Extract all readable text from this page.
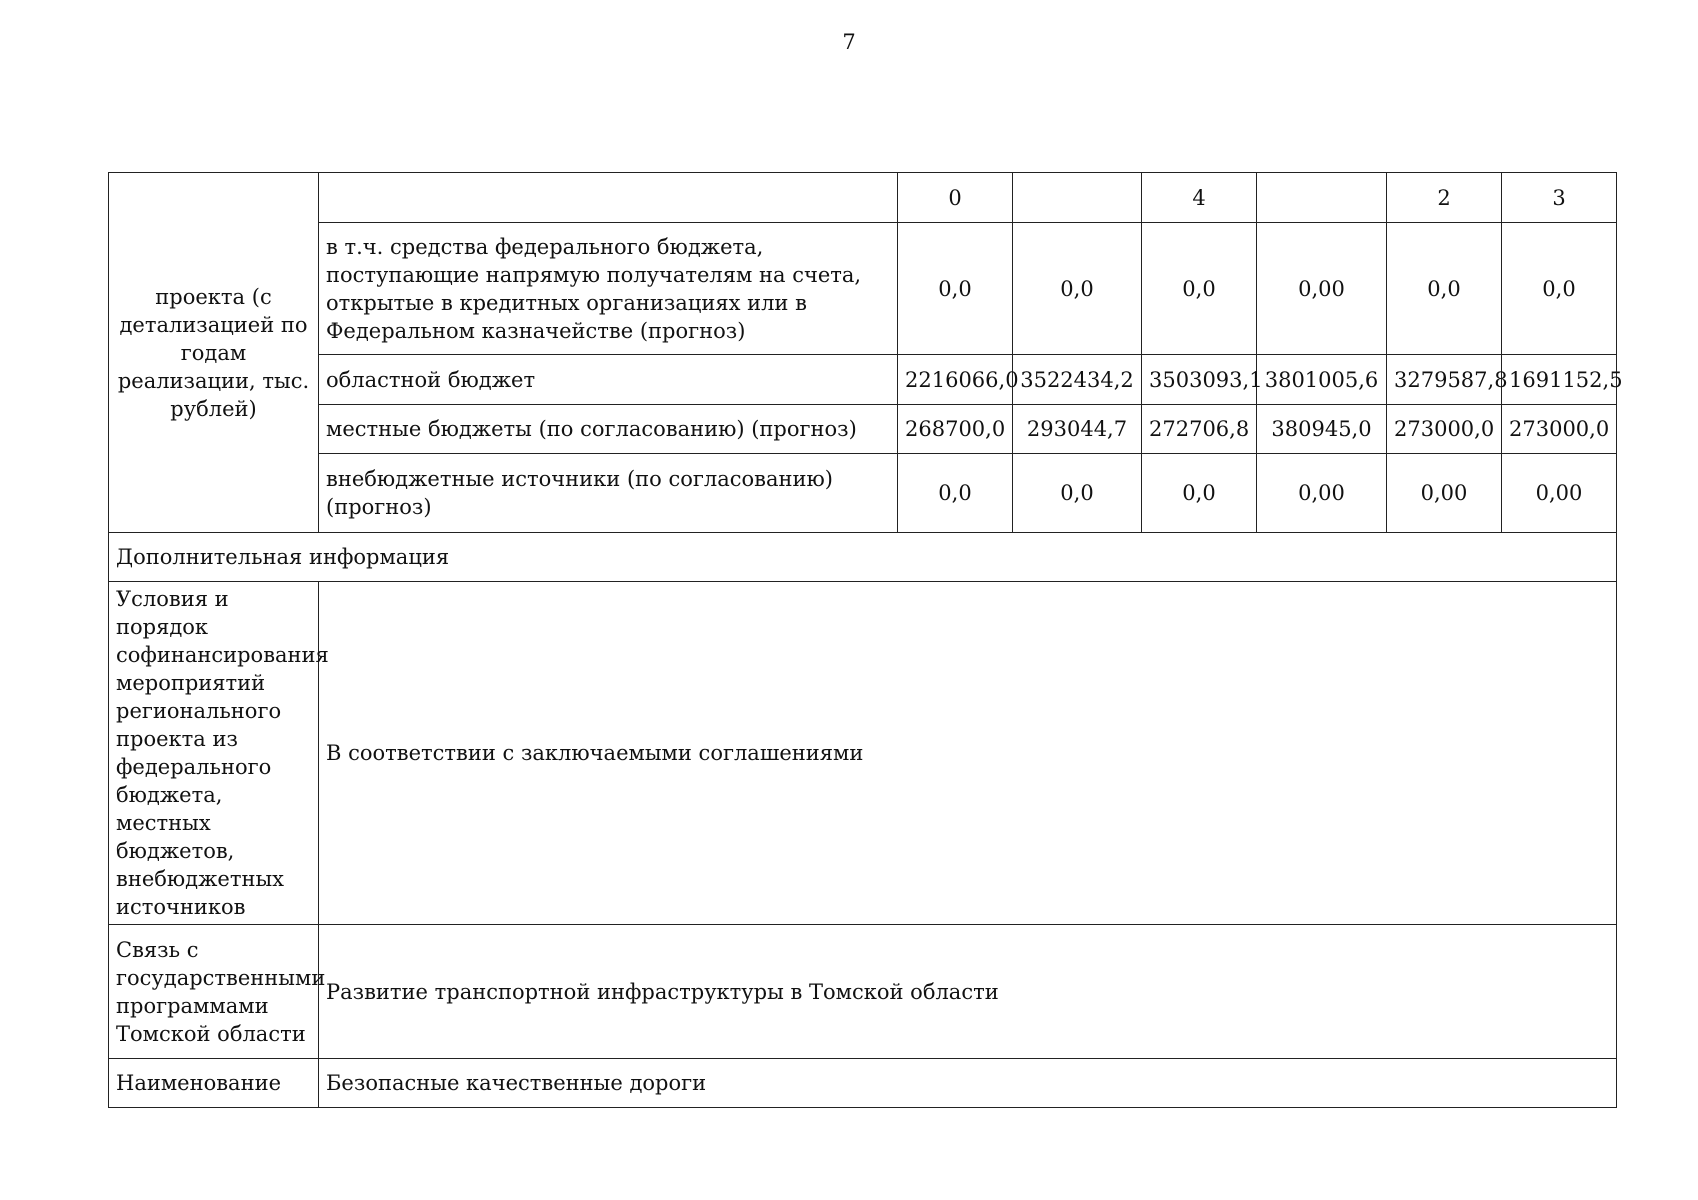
7
проекта (с детализацией по годам реализации, тыс. рублей)		0		4		2	3
	в т.ч. средства федерального бюджета, поступающие напрямую получателям на счета, открытые в кредитных организациях или в Федеральном казначействе (прогноз)	0,0	0,0	0,0	0,00	0,0	0,0
	областной бюджет	2216066,0	3522434,2	3503093,1	3801005,6	3279587,8	1691152,5
	местные бюджеты (по согласованию) (прогноз)	268700,0	293044,7	272706,8	380945,0	273000,0	273000,0
	внебюджетные источники (по согласованию) (прогноз)	0,0	0,0	0,0	0,00	0,00	0,00
Дополнительная информация							
Условия и порядок софинансирования мероприятий регионального проекта из федерального бюджета, местных бюджетов, внебюджетных источников	В соответствии с заключаемыми соглашениями						
Связь с государственными программами Томской области	Развитие транспортной инфраструктуры в Томской области						
Наименование	Безопасные качественные дороги						
